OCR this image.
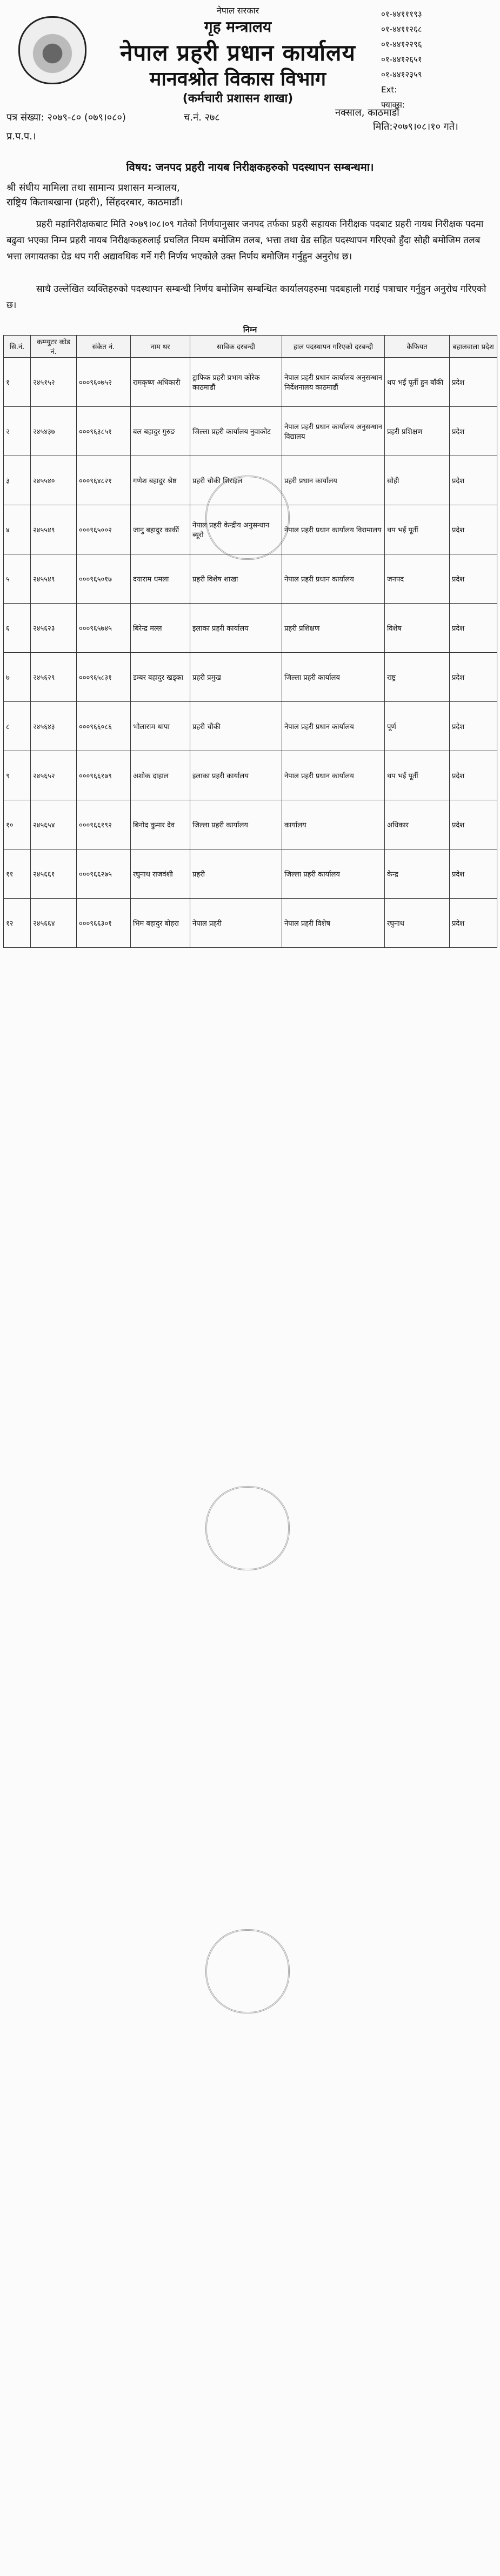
नेपाल सरकार
गृह मन्त्रालय
नेपाल प्रहरी प्रधान कार्यालय
मानवश्रोत विकास विभाग
(कर्मचारी प्रशासन शाखा)
०१-४४१११९३
०१-४४११२६८
०१-४४१२२९६
०१-४४१२६५१
०१-४४१२३५९
Ext:
फ्याक्स:
नक्साल, काठमाडौं
मिति:२०७९।०८।१० गते।
पत्र संख्या: २०७९-८० (०७९।०८०)	च.नं. २७८
प्र.प.प.।
विषय: जनपद प्रहरी नायब निरीक्षकहरुको पदस्थापन सम्बन्धमा।
श्री संघीय मामिला तथा सामान्य प्रशासन मन्त्रालय,
राष्ट्रिय किताबखाना (प्रहरी), सिंहदरबार, काठमाडौं।
प्रहरी महानिरीक्षकबाट मिति २०७९।०८।०९ गतेको निर्णयानुसार जनपद तर्फका प्रहरी सहायक निरीक्षक पदबाट प्रहरी नायब निरीक्षक पदमा बढुवा भएका निम्न प्रहरी नायब निरीक्षकहरुलाई प्रचलित नियम बमोजिम तलब, भत्ता तथा ग्रेड सहित पदस्थापन गरिएको हुँदा सोही बमोजिम तलब भत्ता लगायतका ग्रेड थप गरी अद्यावधिक गर्ने गरी निर्णय भएकोले उक्त निर्णय बमोजिम गर्नुहुन अनुरोध छ।
साथै उल्लेखित व्यक्तिहरुको पदस्थापन सम्बन्धी निर्णय बमोजिम सम्बन्धित कार्यालयहरुमा पदबहाली गराई पत्राचार गर्नुहुन अनुरोध गरिएको छ।
निम्न
सि.नं.	कम्प्युटर कोड नं.	संकेत नं.	नाम थर	साविक दरबन्दी	हाल पदस्थापन गरिएको दरबन्दी	कैफियत	बहालवाला प्रदेश
१	२४५१५२	०००९६०७५२	रामकृष्ण अधिकारी	ट्राफिक प्रहरी प्रभाग कोरेक काठमाडौं	नेपाल प्रहरी प्रधान कार्यालय अनुसन्धान निर्देशनालय काठमाडौं	थप भर्ई पूर्ती हुन बाँकी	प्रदेश
२	२४५४३७	०००९६३८५१	बल बहादुर गुरुङ	जिल्ला प्रहरी कार्यालय नुवाकोट	नेपाल प्रहरी प्रधान कार्यालय अनुसन्धान विद्यालय	प्रहरी प्रशिक्षण	प्रदेश
३	२४५५४०	०००९६४८२१	गणेश बहादुर श्रेष्ठ	प्रहरी चौकी शिराइल	प्रहरी प्रधान कार्यालय	सोही	प्रदेश
४	२४५५४९	०००९६५००२	जानु बहादुर कार्की	नेपाल प्रहरी केन्द्रीय अनुसन्धान ब्यूरो	नेपाल प्रहरी प्रधान कार्यालय विरामालय	थप भर्ई पूर्ती	प्रदेश
५	२४५५४९	०००९६५०१७	दयाराम धमला	प्रहरी विशेष शाखा	नेपाल प्रहरी प्रधान कार्यालय	जनपद	प्रदेश
६	२४५६२३	०००९६५७४५	बिरेन्द्र मल्ल	इलाका प्रहरी कार्यालय	प्रहरी प्रशिक्षण	विशेष	प्रदेश
७	२४५६२९	०००९६५८३१	डम्बर बहादुर खड्का	प्रहरी प्रमुख	जिल्ला प्रहरी कार्यालय	राष्ट्र	प्रदेश
८	२४५६४३	०००९६६०८६	भोलाराम थापा	प्रहरी चौकी	नेपाल प्रहरी प्रधान कार्यालय	पूर्ण	प्रदेश
९	२४५६५२	०००९६६१७९	अशोक दाहाल	इलाका प्रहरी कार्यालय	नेपाल प्रहरी प्रधान कार्यालय	थप भर्ई पूर्ती	प्रदेश
१०	२४५६५४	०००९६६१९२	बिनोद कुमार देव	जिल्ला प्रहरी कार्यालय	कार्यालय	अधिकार	प्रदेश
११	२४५६६१	०००९६६२७५	रघुनाथ राजवंशी	प्रहरी	जिल्ला प्रहरी कार्यालय	केन्द्र	प्रदेश
१२	२४५६६४	०००९६६३०१	भिम बहादुर बोहरा	नेपाल प्रहरी	नेपाल प्रहरी विशेष	रघुनाथ	प्रदेश
